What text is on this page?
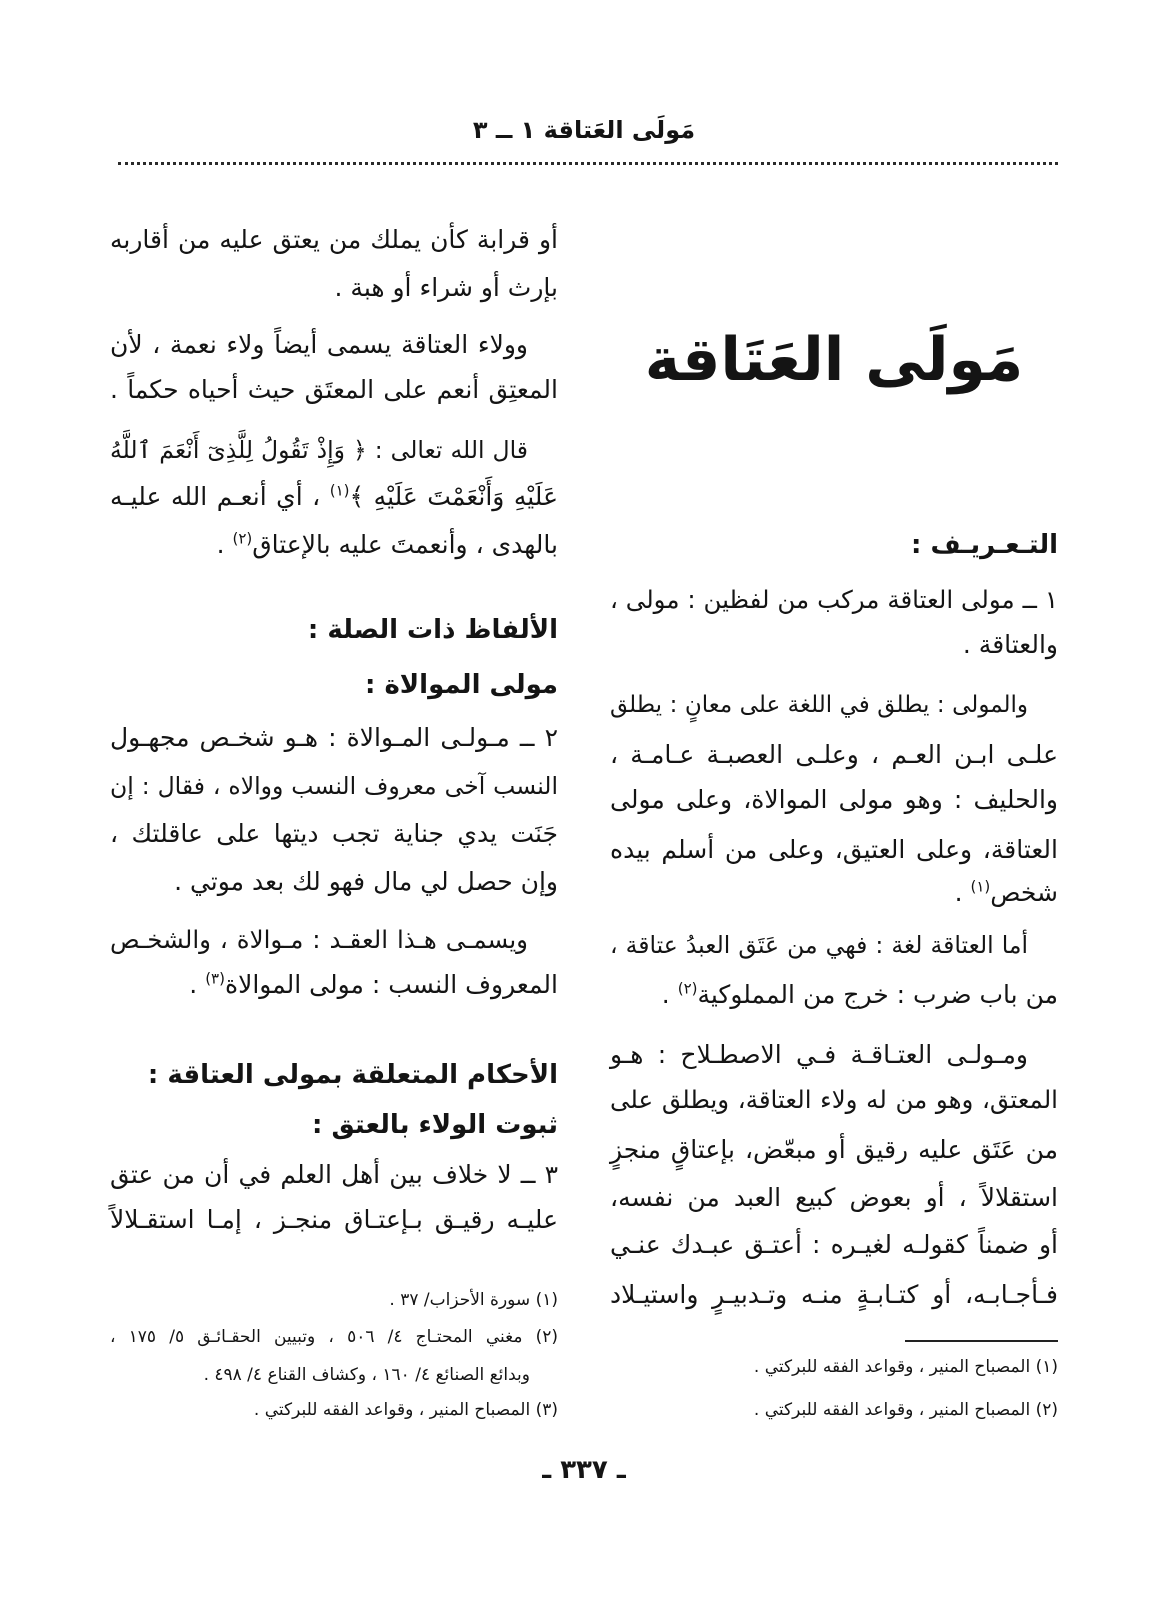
مَولَى العَتاقة ١ ــ ٣
مَولَى العَتَاقة
التـعـريـف :
١ ــ مولى العتاقة مركب من لفظين : مولى ،
والعتاقة .
والمولى : يطلق في اللغة على معانٍ : يطلق
علـى ابـن العـم ، وعلـى العصبـة عـامـة ،
والحليف : وهو مولى الموالاة، وعلى مولى
العتاقة، وعلى العتيق، وعلى من أسلم بيده
شخص$^{(١)}$ .
أما العتاقة لغة : فهي من عَتَق العبدُ عتاقة ،
من باب ضرب : خرج من المملوكية$^{(٢)}$ .
ومـولـى العتـاقـة فـي الاصطـلاح : هـو
المعتق، وهو من له ولاء العتاقة، ويطلق على
من عَتَق عليه رقيق أو مبعّض، بإعتاقٍ منجزٍ
استقلالاً ، أو بعوض كبيع العبد من نفسه،
أو ضمناً كقولـه لغيـره : أعتـق عبـدك عنـي
فـأجـابـه، أو كتـابـةٍ منـه وتـدبيـرٍ واستيـلاد
(١) المصباح المنير ، وقواعد الفقه للبركتي .
(٢) المصباح المنير ، وقواعد الفقه للبركتي .
أو قرابة كأن يملك من يعتق عليه من أقاربه
بإرث أو شراء أو هبة .
وولاء العتاقة يسمى أيضاً ولاء نعمة ، لأن
المعتِق أنعم على المعتَق حيث أحياه حكماً .
قال الله تعالى : ﴿ وَإِذْ تَقُولُ لِلَّذِىٓ أَنْعَمَ ٱللَّهُ
عَلَيْهِ وَأَنْعَمْتَ عَلَيْهِ ﴾$^{(١)}$ ، أي أنعـم الله عليـه
بالهدى ، وأنعمتَ عليه بالإعتاق$^{(٢)}$ .
الألفاظ ذات الصلة :
مولى الموالاة :
٢ ــ مـولـى المـوالاة : هـو شخـص مجهـول
النسب آخى معروف النسب ووالاه ، فقال : إن
جَنَت يدي جناية تجب ديتها على عاقلتك ،
وإن حصل لي مال فهو لك بعد موتي .
ويسمـى هـذا العقـد : مـوالاة ، والشخـص
المعروف النسب : مولى الموالاة$^{(٣)}$ .
الأحكام المتعلقة بمولى العتاقة :
ثبوت الولاء بالعتق :
٣ ــ لا خلاف بين أهل العلم في أن من عتق
عليـه رقيـق بـإعتـاق منجـز ، إمـا استقـلالاً
(١) سورة الأحزاب/ ٣٧ .
(٢) مغني المحتـاج ٤/ ٥٠٦ ، وتبيين الحقـائـق ٥/ ١٧٥ ،
وبدائع الصنائع ٤/ ١٦٠ ، وكشاف القناع ٤/ ٤٩٨ .
(٣) المصباح المنير ، وقواعد الفقه للبركتي .
ـ ٣٣٧ ـ
